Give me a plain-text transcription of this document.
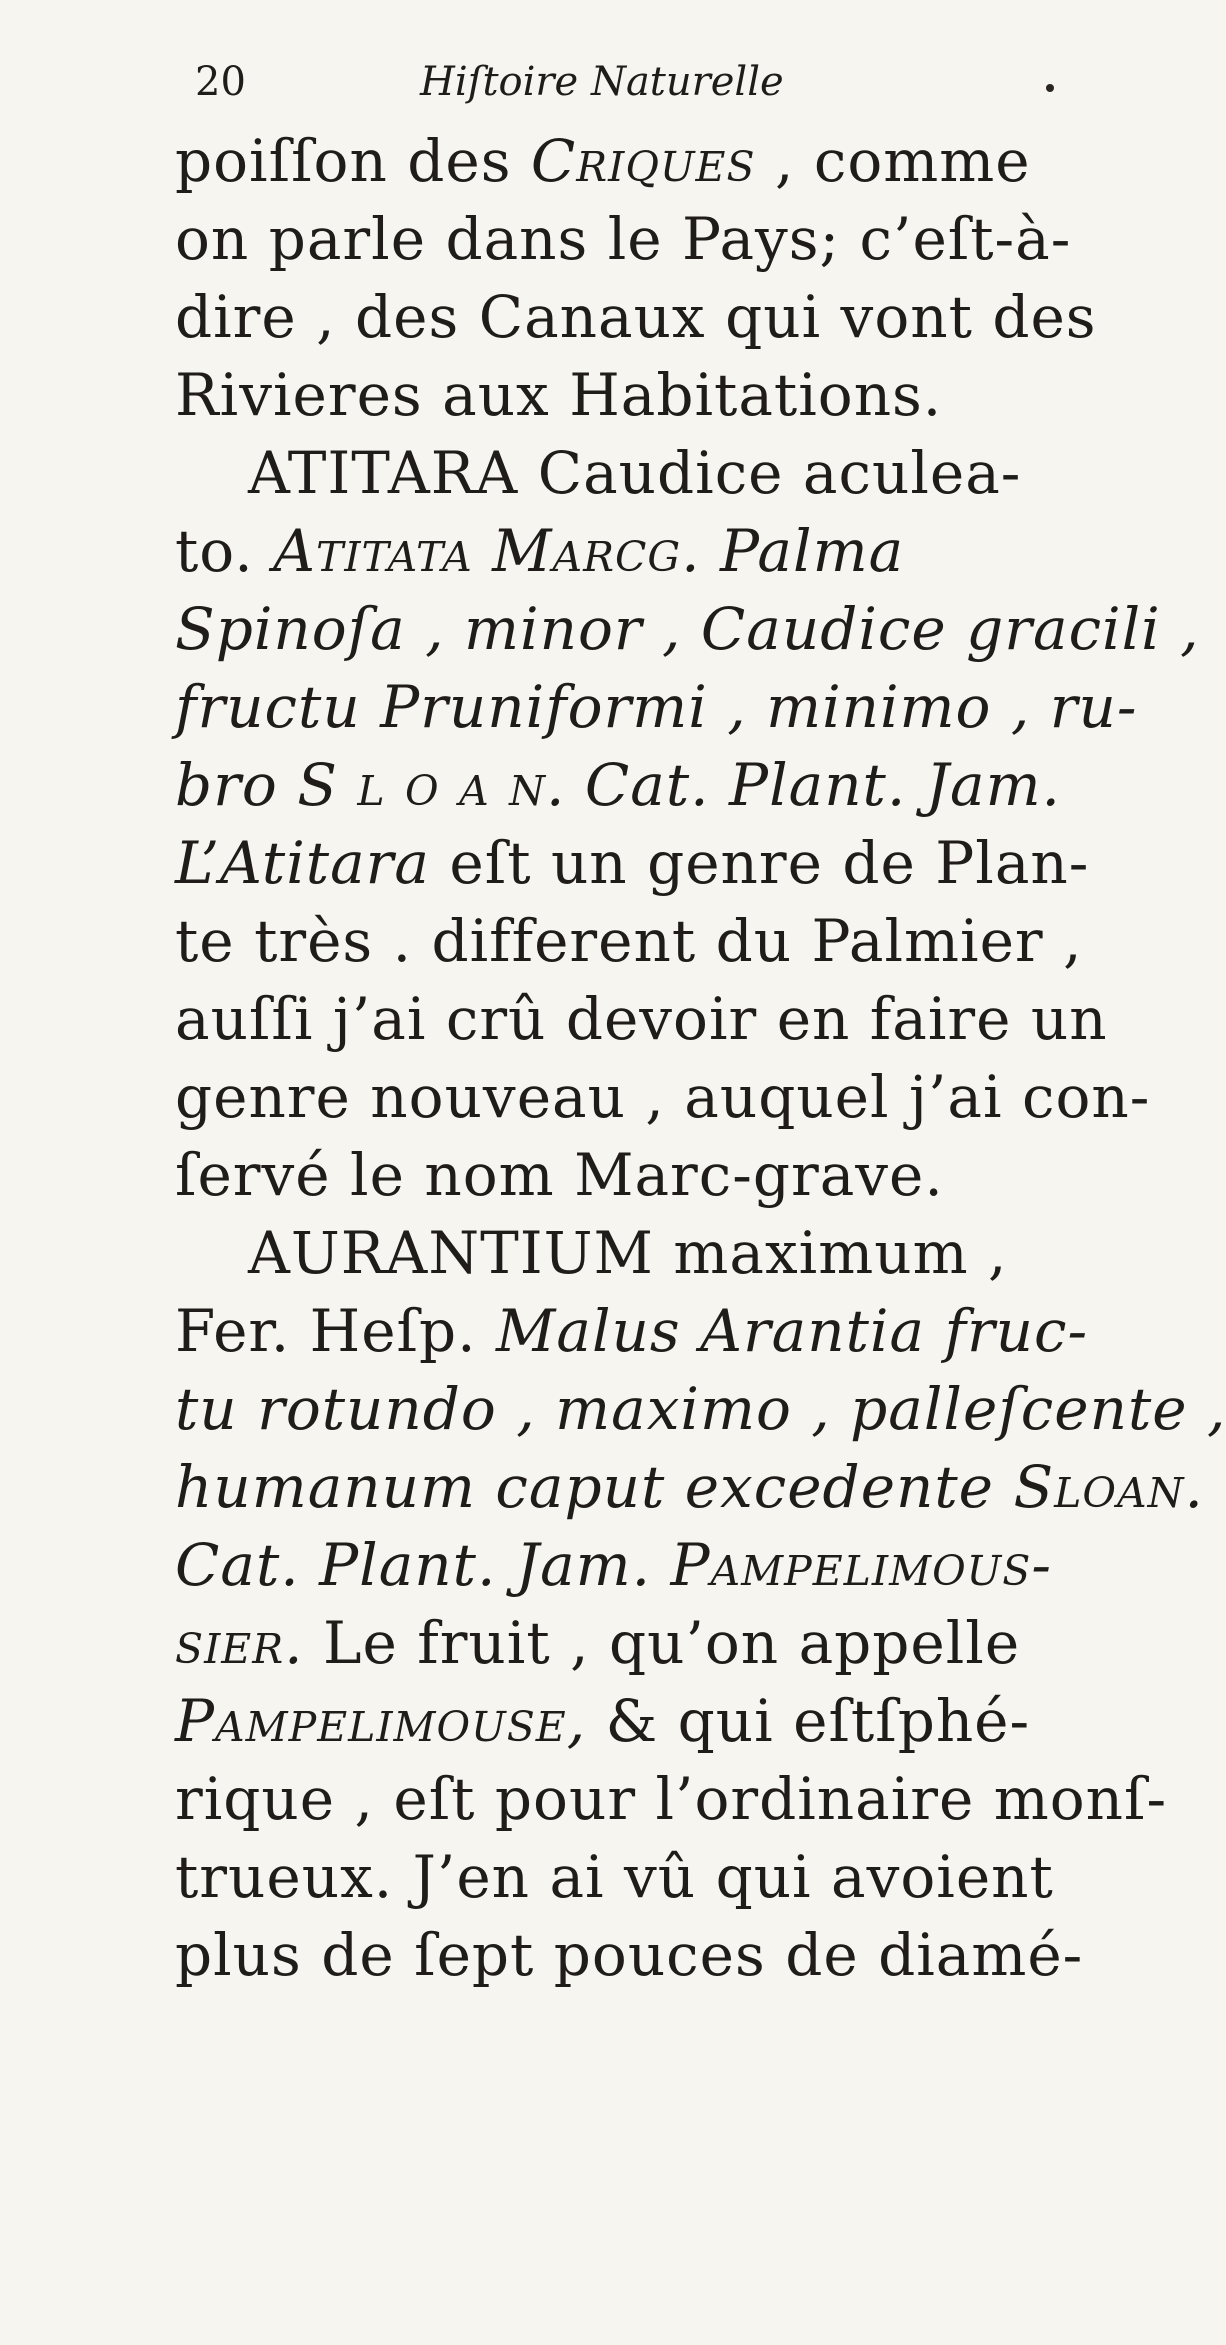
20	Hiſtoire Naturelle
poiſſon des Criques , comme
on parle dans le Pays; c’eſt-à-
dire , des Canaux qui vont des
Rivieres aux Habitations.
ATITARA Caudice aculea-
to. Atitata Marcg. Palma
Spinoſa , minor , Caudice gracili ,
fructu Pruniformi , minimo , ru-
bro S l o a n. Cat. Plant. Jam.
L’Atitara eſt un genre de Plan-
te très . different du Palmier ,
auſſi j’ai crû devoir en faire un
genre nouveau , auquel j’ai con-
ſervé le nom Marc-grave.
AURANTIUM maximum ,
Fer. Heſp. Malus Arantia fruc-
tu rotundo , maximo , palleſcente ,
humanum caput excedente Sloan.
Cat. Plant. Jam. Pampelimous-
sier. Le fruit , qu’on appelle
Pampelimouse, & qui eſtſphé-
rique , eſt pour l’ordinaire monſ-
trueux. J’en ai vû qui avoient
plus de ſept pouces de diamé-
